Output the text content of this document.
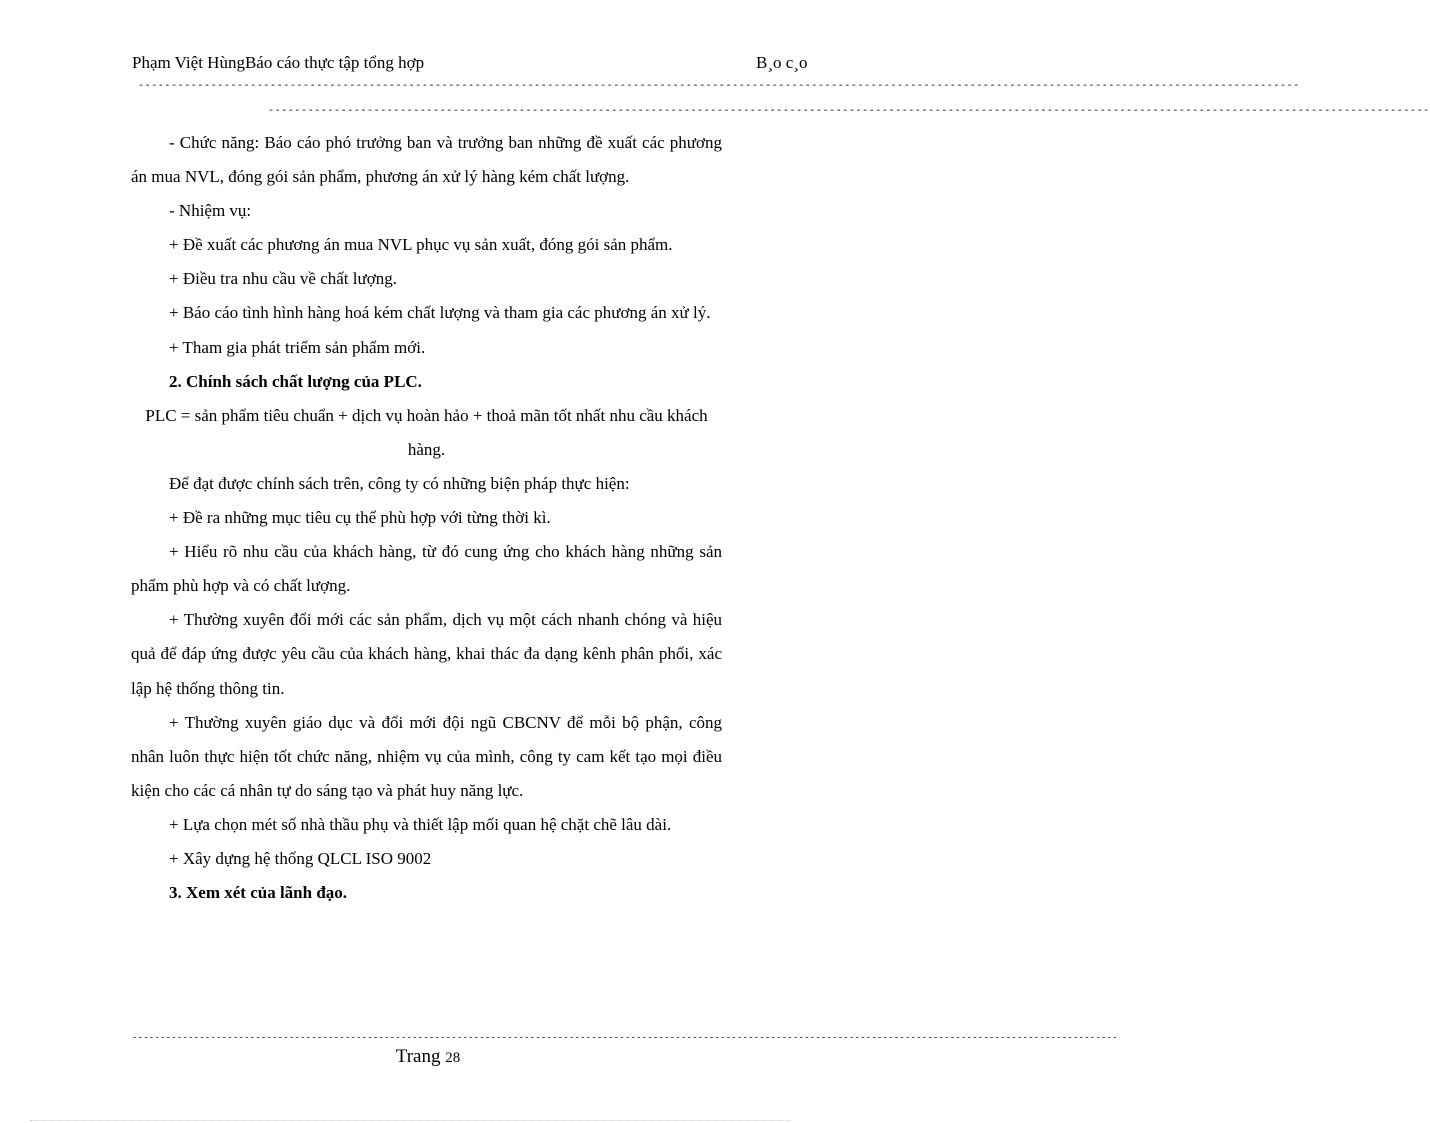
Phạm Việt HùngBáo cáo thực tập tổng hợp	B¸o c¸o
--------------------------------------------------------------------------------------------------------------------------------------------------------------------------------
--------------------------------------------------------------------------------------------------------------------------------------------------------------------------------

- Chức năng: Báo cáo phó trưởng ban và trưởng ban những đề xuất các phương án mua NVL, đóng gói sản phẩm, phương án xử lý hàng kém chất lượng.

- Nhiệm vụ:

+ Đề xuất các phương án mua NVL phục vụ sản xuất, đóng gói sản phẩm.

+ Điều tra nhu cầu về chất lượng.

+ Báo cáo tình hình hàng hoá kém chất lượng và tham gia các phương án xử lý.

+ Tham gia phát triểm sản phẩm mới.

2. Chính sách chất lượng của PLC.

PLC = sản phẩm tiêu chuẩn + dịch vụ hoàn hảo + thoả mãn tốt nhất nhu cầu khách hàng.

Để đạt được chính sách trên, công ty có những biện pháp thực hiện:

+ Đề ra những mục tiêu cụ thể phù hợp với từng thời kì.

+ Hiểu rõ nhu cầu của khách hàng, từ đó cung ứng cho khách hàng những sản phẩm phù hợp và có chất lượng.

+ Thường xuyên đổi mới các sản phẩm, dịch vụ một cách nhanh chóng và hiệu quả để đáp ứng được yêu cầu của khách hàng, khai thác đa dạng kênh phân phối, xác lập hệ thống thông tin.

+ Thường xuyên giáo dục và đổi mới đội ngũ CBCNV để mỗi bộ phận, công nhân luôn thực hiện tốt chức năng, nhiệm vụ của mình, công ty cam kết tạo mọi điều kiện cho các cá nhân tự do sáng tạo và phát huy năng lực.

+ Lựa chọn mét số nhà thầu phụ và thiết lập mối quan hệ chặt chẽ lâu dài.

+ Xây dựng hệ thống QLCL ISO 9002

3. Xem xét của lãnh đạo.

--------------------------------------------------------------------------------------------------------------------------------------------------------------------------------
Trang 28
